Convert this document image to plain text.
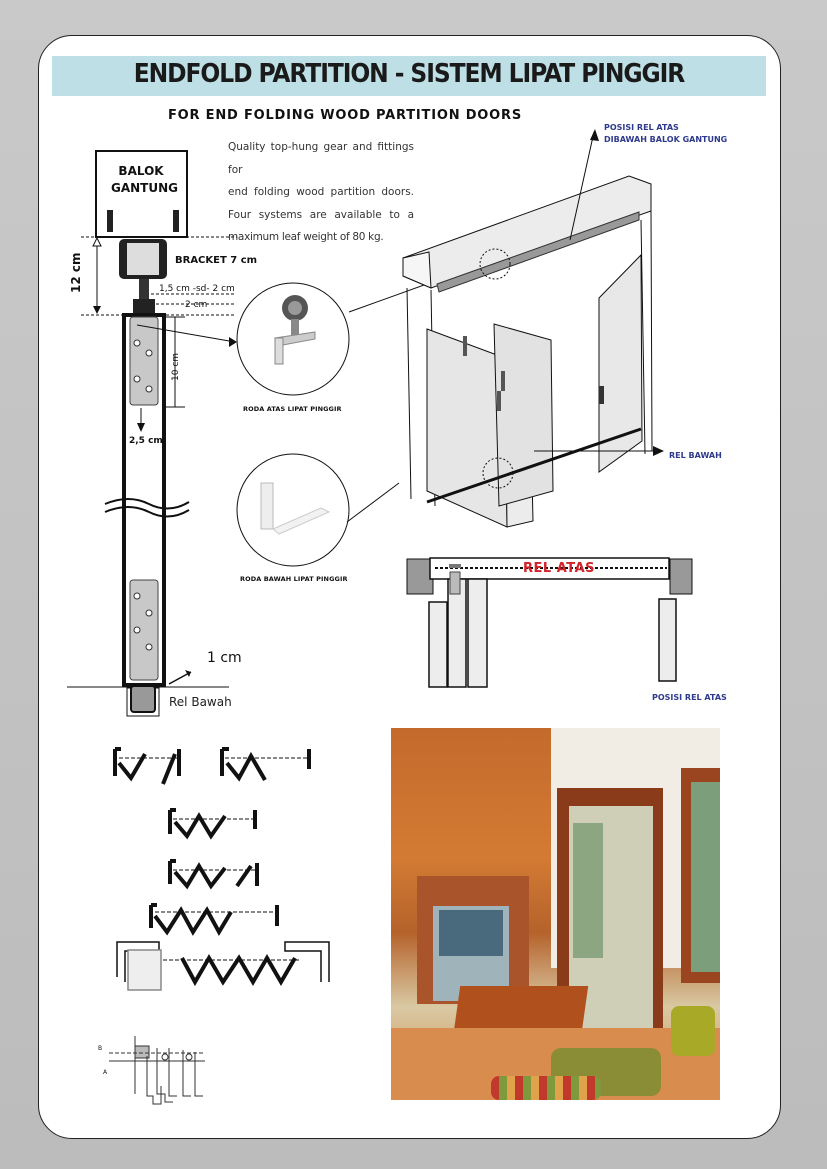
ENDFOLD PARTITION - SISTEM LIPAT PINGGIR
FOR END FOLDING WOOD PARTITION DOORS
Quality top-hung gear and fittings for
end folding wood partition doors.
Four systems are available to a
maximum leaf weight of 80 kg.
BALOK
GANTUNG
12 cm	BRACKET 7 cm
1,5 cm -sd- 2 cm
2 cm
10 cm
2,5 cm
1 cm
Rel Bawah
RODA ATAS LIPAT PINGGIR
RODA BAWAH LIPAT PINGGIR
POSISI REL ATAS
DIBAWAH BALOK GANTUNG
REL BAWAH
REL ATAS
POSISI REL ATAS
B
A
